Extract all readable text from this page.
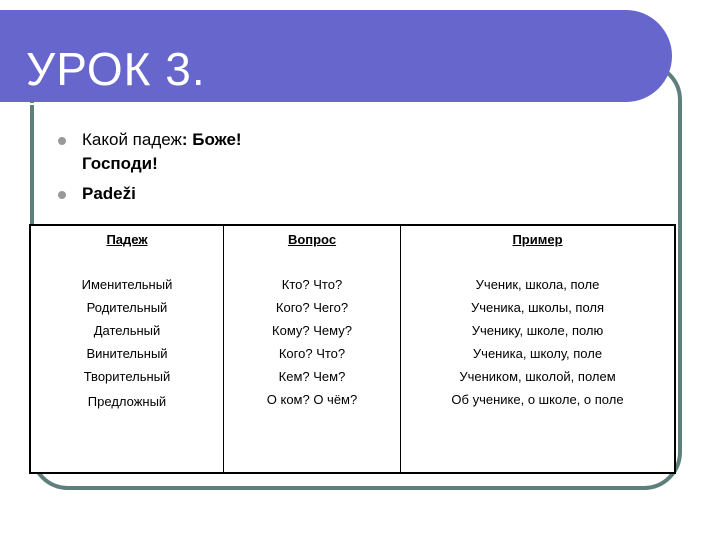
УРОК 3.
Какой падеж: Боже! Господи!
Padeži
Падеж
Именительный
Родительный
Дательный
Винительный
Творительный
Предложный
Вопрос
Кто? Что?
Кого? Чего?
Кому? Чему?
Кого? Что?
Кем? Чем?
О ком? О чём?
Пример
Ученик, школа, поле
Ученика, школы, поля
Ученику, школе, полю
Ученика, школу, поле
Учеником, школой, полем
Об ученике, о школе, о поле
